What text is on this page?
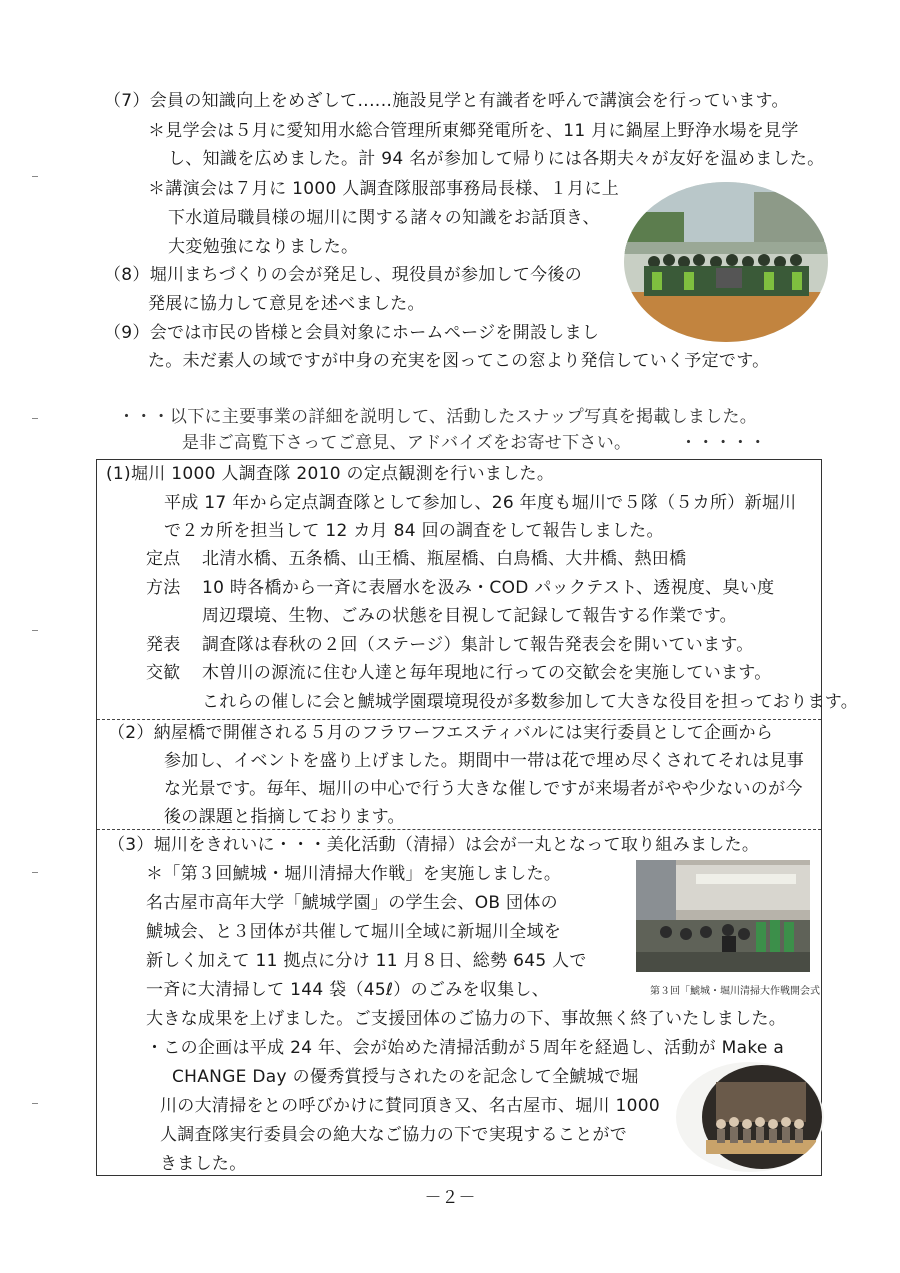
（7）会員の知識向上をめざして‥‥‥施設見学と有識者を呼んで講演会を行っています。
＊見学会は５月に愛知用水総合管理所東郷発電所を、11 月に鍋屋上野浄水場を見学
し、知識を広めました。計 94 名が参加して帰りには各期夫々が友好を温めました。
＊講演会は７月に 1000 人調査隊服部事務局長様、１月に上
下水道局職員様の堀川に関する諸々の知識をお話頂き、
大変勉強になりました。
（8）堀川まちづくりの会が発足し、現役員が参加して今後の
発展に協力して意見を述べました。
（9）会では市民の皆様と会員対象にホームページを開設しまし
た。未だ素人の域ですが中身の充実を図ってこの窓より発信していく予定です。
・・・以下に主要事業の詳細を説明して、活動したスナップ写真を掲載しました。
是非ご高覧下さってご意見、アドバイズをお寄せ下さい。	・・・・・
(1)堀川 1000 人調査隊 2010 の定点観測を行いました。
平成 17 年から定点調査隊として参加し、26 年度も堀川で５隊（５カ所）新堀川
で２カ所を担当して 12 カ月 84 回の調査をして報告しました。
定点 北清水橋、五条橋、山王橋、瓶屋橋、白鳥橋、大井橋、熱田橋
方法 10 時各橋から一斉に表層水を汲み・COD パックテスト、透視度、臭い度
周辺環境、生物、ごみの状態を目視して記録して報告する作業です。
発表 調査隊は春秋の２回（ステージ）集計して報告発表会を開いています。
交歓 木曽川の源流に住む人達と毎年現地に行っての交歓会を実施しています。
これらの催しに会と鯱城学園環境現役が多数参加して大きな役目を担っております。
（2）納屋橋で開催される５月のフラワーフエスティバルには実行委員として企画から
参加し、イベントを盛り上げました。期間中一帯は花で埋め尽くされてそれは見事
な光景です。毎年、堀川の中心で行う大きな催しですが来場者がやや少ないのが今
後の課題と指摘しております。
（3）堀川をきれいに・・・美化活動（清掃）は会が一丸となって取り組みました。
＊「第３回鯱城・堀川清掃大作戦」を実施しました。
名古屋市高年大学「鯱城学園」の学生会、OB 団体の
鯱城会、と３団体が共催して堀川全域に新堀川全域を
新しく加えて 11 拠点に分け 11 月８日、総勢 645 人で
一斉に大清掃して 144 袋（45ℓ）のごみを収集し、
大きな成果を上げました。ご支援団体のご協力の下、事故無く終了いたしました。
・この企画は平成 24 年、会が始めた清掃活動が５周年を経過し、活動が Make a
CHANGE Day の優秀賞授与されたのを記念して全鯱城で堀
川の大清掃をとの呼びかけに賛同頂き又、名古屋市、堀川 1000
人調査隊実行委員会の絶大なご協力の下で実現することがで
きました。
第３回「鯱城・堀川清掃大作戦開会式
－２－
